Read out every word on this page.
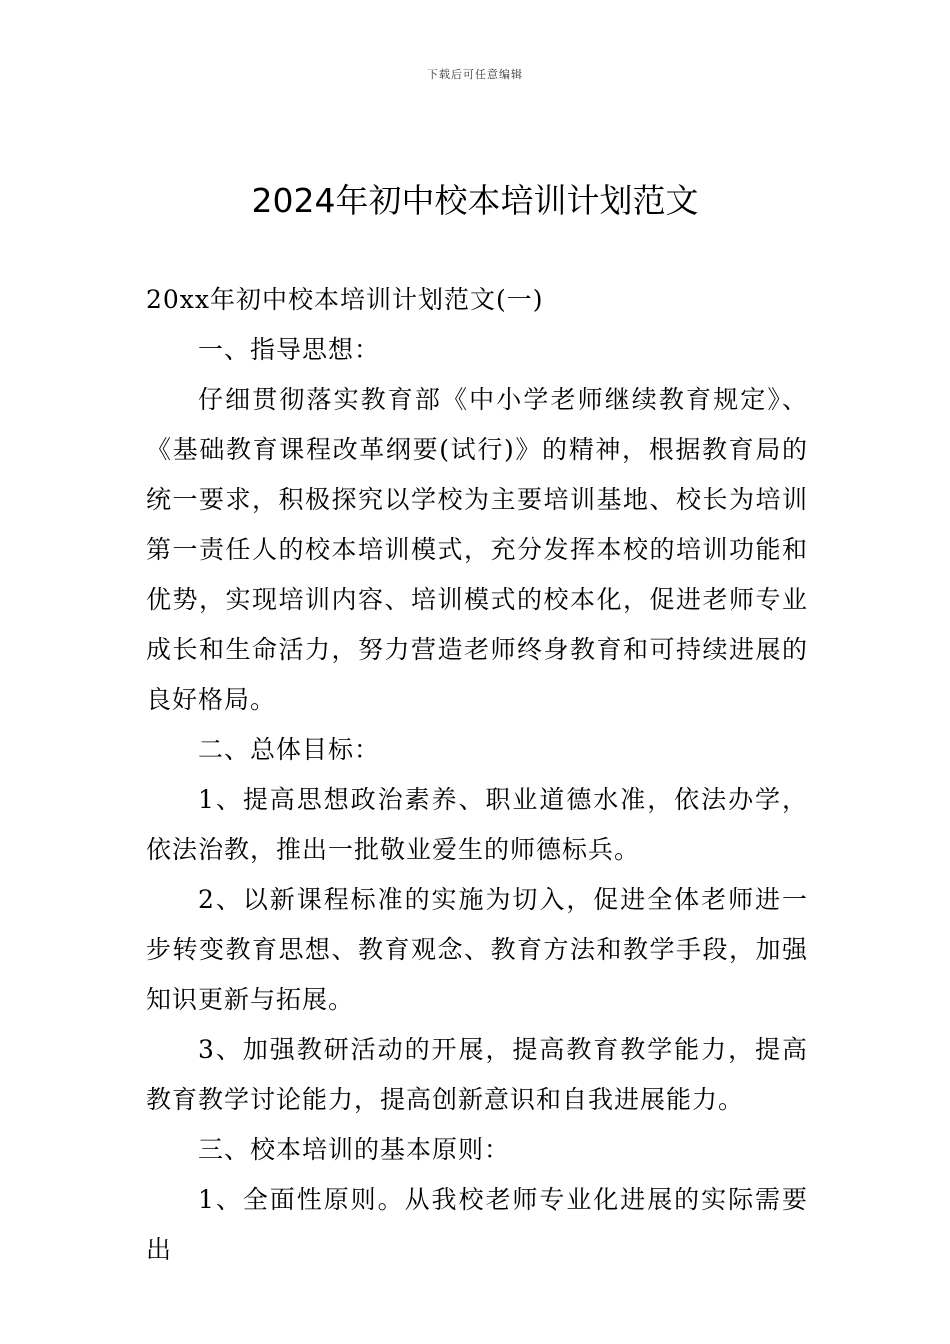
下载后可任意编辑
2024年初中校本培训计划范文

20xx年初中校本培训计划范文(一)

一、指导思想：

仔细贯彻落实教育部《中小学老师继续教育规定》、《基础教育课程改革纲要(试行)》的精神，根据教育局的统一要求，积极探究以学校为主要培训基地、校长为培训第一责任人的校本培训模式，充分发挥本校的培训功能和优势，实现培训内容、培训模式的校本化，促进老师专业成长和生命活力，努力营造老师终身教育和可持续进展的良好格局。

二、总体目标：

1、提高思想政治素养、职业道德水准，依法办学，依法治教，推出一批敬业爱生的师德标兵。

2、以新课程标准的实施为切入，促进全体老师进一步转变教育思想、教育观念、教育方法和教学手段，加强知识更新与拓展。

3、加强教研活动的开展，提高教育教学能力，提高教育教学讨论能力，提高创新意识和自我进展能力。

三、校本培训的基本原则：

1、全面性原则。从我校老师专业化进展的实际需要出
